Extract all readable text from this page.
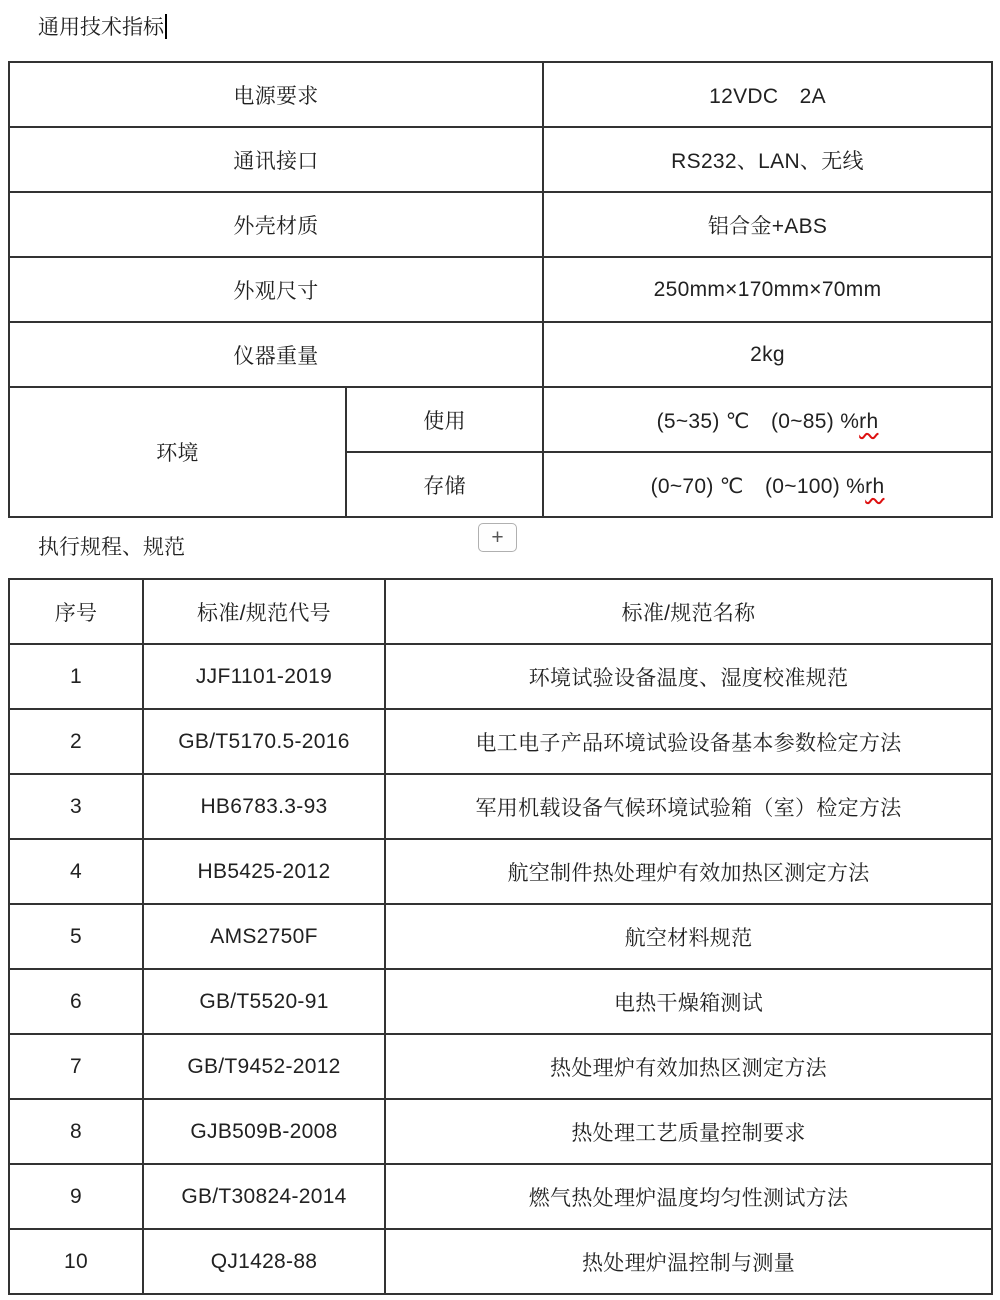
通用技术指标
电源要求		12VDC　2A
通讯接口		RS232、LAN、无线
外壳材质		铝合金+ABS
外观尺寸		250mm×170mm×70mm
仪器重量		2kg
环境	使用	(5~35) ℃　(0~85) %rh
	存储	(0~70) ℃　(0~100) %rh
+
执行规程、规范
序号	标准/规范代号	标准/规范名称
1	JJF1101-2019	环境试验设备温度、湿度校准规范
2	GB/T5170.5-2016	电工电子产品环境试验设备基本参数检定方法
3	HB6783.3-93	军用机载设备气候环境试验箱（室）检定方法
4	HB5425-2012	航空制件热处理炉有效加热区测定方法
5	AMS2750F	航空材料规范
6	GB/T5520-91	电热干燥箱测试
7	GB/T9452-2012	热处理炉有效加热区测定方法
8	GJB509B-2008	热处理工艺质量控制要求
9	GB/T30824-2014	燃气热处理炉温度均匀性测试方法
10	QJ1428-88	热处理炉温控制与测量
